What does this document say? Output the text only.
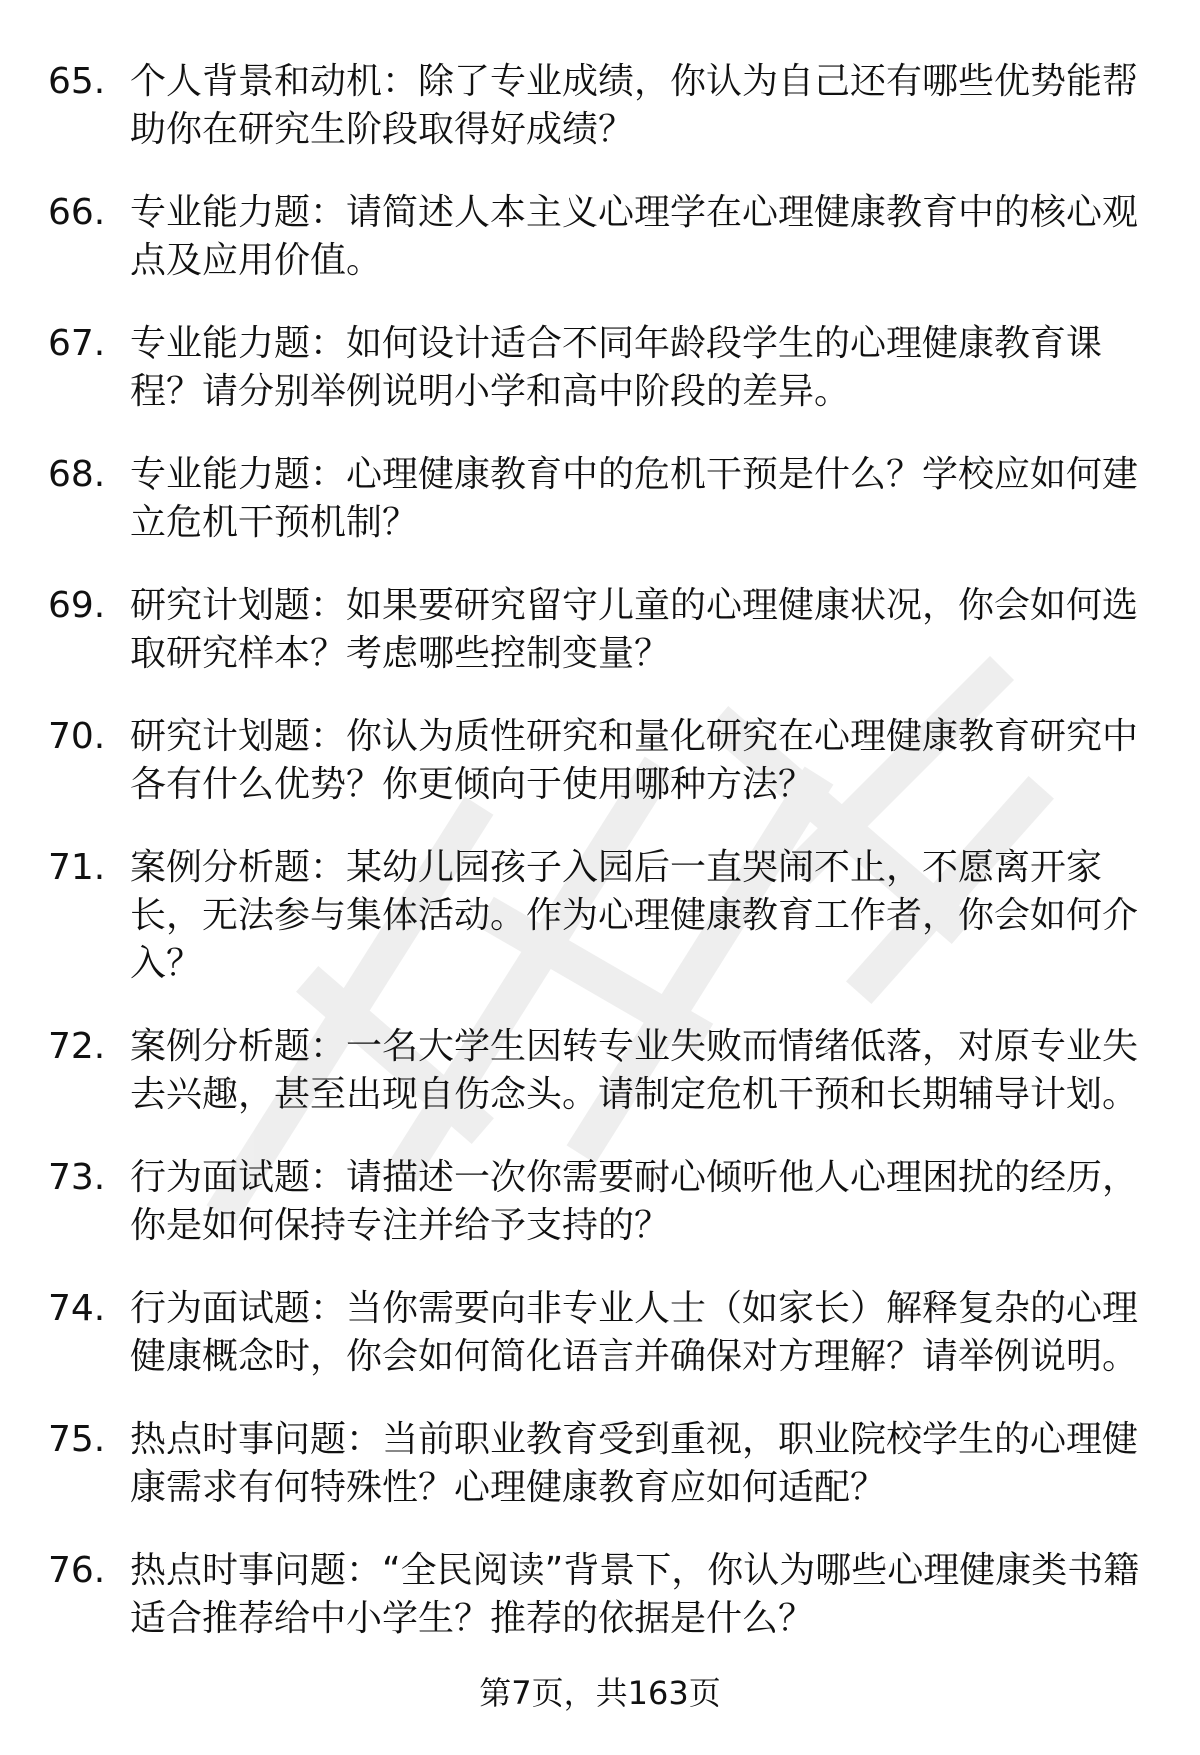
65. 个人背景和动机：除了专业成绩，你认为自己还有哪些优势能帮助你在研究生阶段取得好成绩？
66. 专业能力题：请简述人本主义心理学在心理健康教育中的核心观点及应用价值。
67. 专业能力题：如何设计适合不同年龄段学生的心理健康教育课程？请分别举例说明小学和高中阶段的差异。
68. 专业能力题：心理健康教育中的危机干预是什么？学校应如何建立危机干预机制？
69. 研究计划题：如果要研究留守儿童的心理健康状况，你会如何选取研究样本？考虑哪些控制变量？
70. 研究计划题：你认为质性研究和量化研究在心理健康教育研究中各有什么优势？你更倾向于使用哪种方法？
71. 案例分析题：某幼儿园孩子入园后一直哭闹不止，不愿离开家长，无法参与集体活动。作为心理健康教育工作者，你会如何介入？
72. 案例分析题：一名大学生因转专业失败而情绪低落，对原专业失去兴趣，甚至出现自伤念头。请制定危机干预和长期辅导计划。
73. 行为面试题：请描述一次你需要耐心倾听他人心理困扰的经历，你是如何保持专注并给予支持的？
74. 行为面试题：当你需要向非专业人士（如家长）解释复杂的心理健康概念时，你会如何简化语言并确保对方理解？请举例说明。
75. 热点时事问题：当前职业教育受到重视，职业院校学生的心理健康需求有何特殊性？心理健康教育应如何适配？
76. 热点时事问题：“全民阅读”背景下，你认为哪些心理健康类书籍适合推荐给中小学生？推荐的依据是什么？
第7页，共163页
